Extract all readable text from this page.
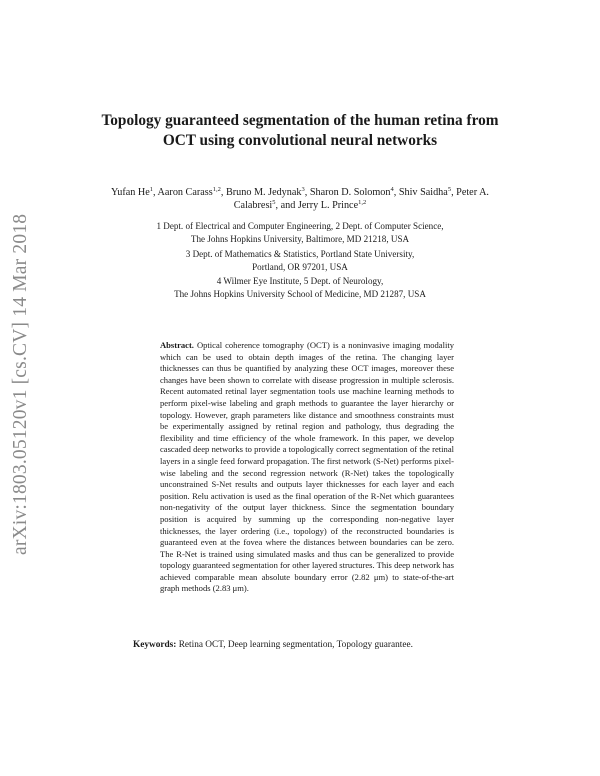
arXiv:1803.05120v1 [cs.CV] 14 Mar 2018
Topology guaranteed segmentation of the human retina from OCT using convolutional neural networks
Yufan He$^1$, Aaron Carass$^{1,2}$, Bruno M. Jedynak$^3$, Sharon D. Solomon$^4$, Shiv Saidha$^5$, Peter A. Calabresi$^5$, and Jerry L. Prince$^{1,2}$
1 Dept. of Electrical and Computer Engineering, 2 Dept. of Computer Science,
The Johns Hopkins University, Baltimore, MD 21218, USA
3 Dept. of Mathematics & Statistics, Portland State University,
Portland, OR 97201, USA
4 Wilmer Eye Institute, 5 Dept. of Neurology,
The Johns Hopkins University School of Medicine, MD 21287, USA
Abstract. Optical coherence tomography (OCT) is a noninvasive imaging modality which can be used to obtain depth images of the retina. The changing layer thicknesses can thus be quantified by analyzing these OCT images, moreover these changes have been shown to correlate with disease progression in multiple sclerosis. Recent automated retinal layer segmentation tools use machine learning methods to perform pixel-wise labeling and graph methods to guarantee the layer hierarchy or topology. However, graph parameters like distance and smoothness constraints must be experimentally assigned by retinal region and pathology, thus degrading the flexibility and time efficiency of the whole framework. In this paper, we develop cascaded deep networks to provide a topologically correct segmentation of the retinal layers in a single feed forward propagation. The first network (S-Net) performs pixel-wise labeling and the second regression network (R-Net) takes the topologically unconstrained S-Net results and outputs layer thicknesses for each layer and each position. Relu activation is used as the final operation of the R-Net which guarantees non-negativity of the output layer thickness. Since the segmentation boundary position is acquired by summing up the corresponding non-negative layer thicknesses, the layer ordering (i.e., topology) of the reconstructed boundaries is guaranteed even at the fovea where the distances between boundaries can be zero. The R-Net is trained using simulated masks and thus can be generalized to provide topology guaranteed segmentation for other layered structures. This deep network has achieved comparable mean absolute boundary error (2.82 μm) to state-of-the-art graph methods (2.83 μm).
Keywords: Retina OCT, Deep learning segmentation, Topology guarantee.
